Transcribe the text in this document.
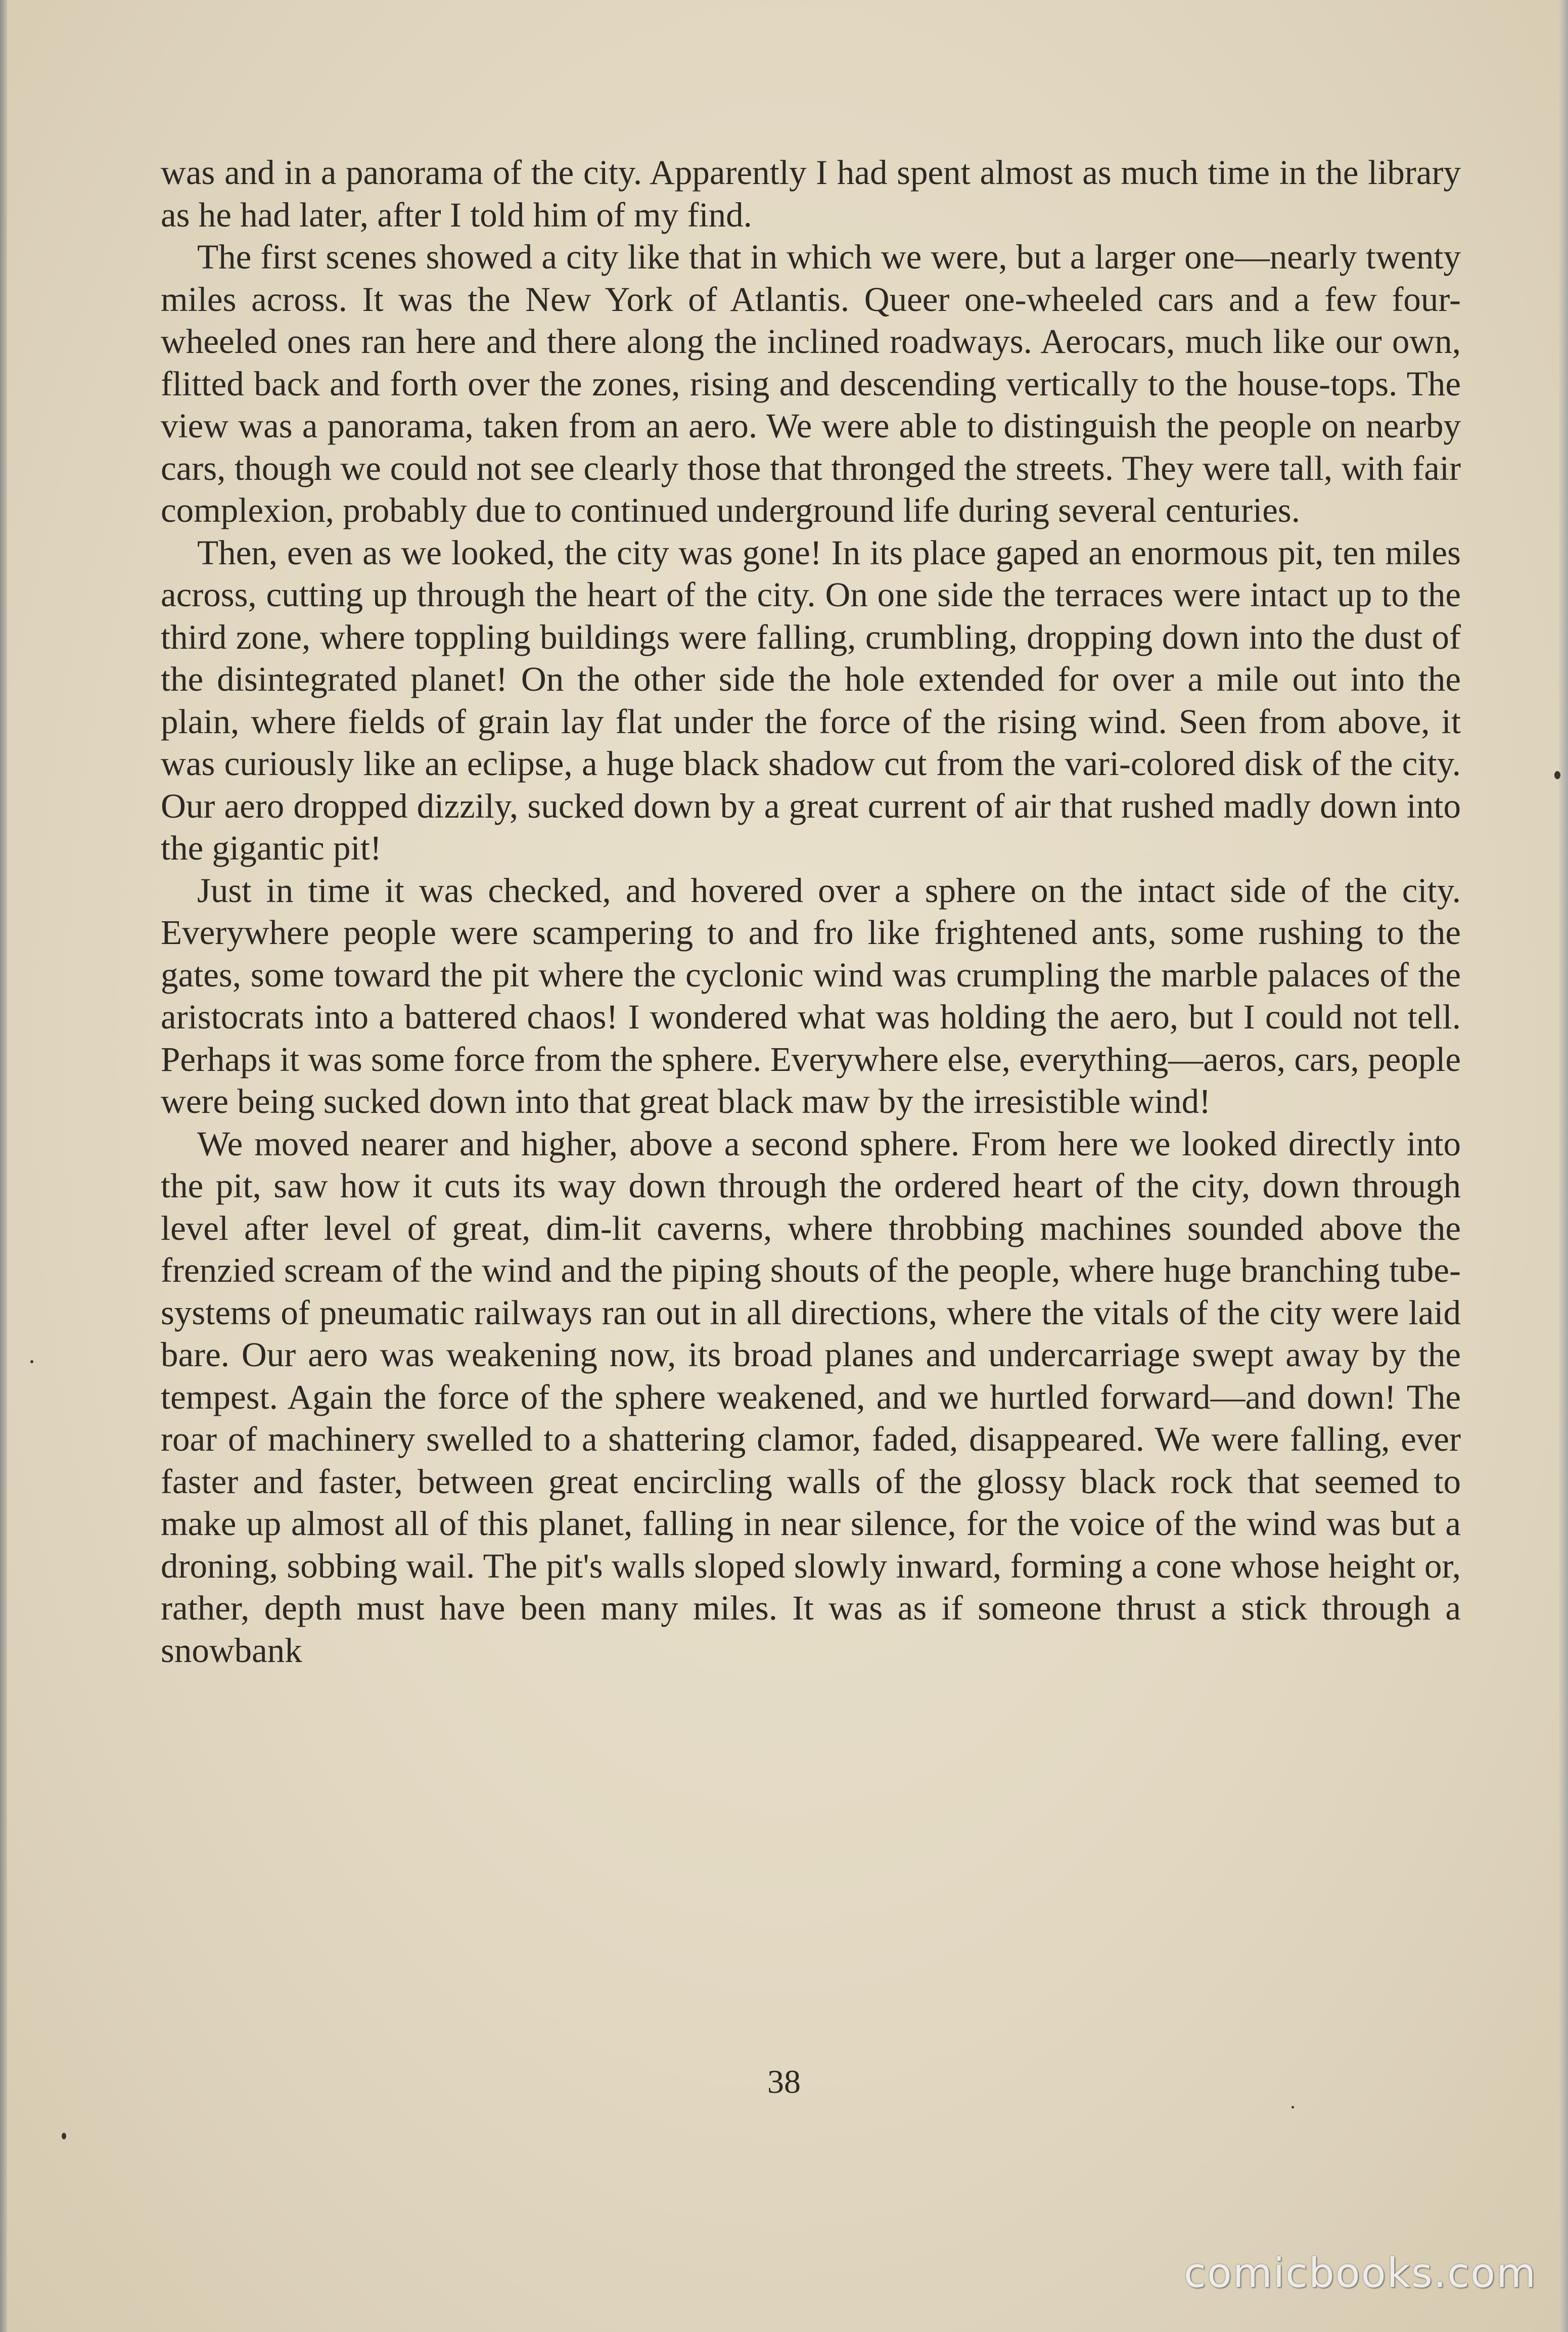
was and in a panorama of the city. Apparently I had spent almost as much time in the library as he had later, after I told him of my find.

The first scenes showed a city like that in which we were, but a larger one—nearly twenty miles across. It was the New York of Atlantis. Queer one-wheeled cars and a few four-wheeled ones ran here and there along the inclined roadways. Aerocars, much like our own, flitted back and forth over the zones, rising and descending vertically to the house-tops. The view was a panorama, taken from an aero. We were able to distinguish the people on nearby cars, though we could not see clearly those that thronged the streets. They were tall, with fair complexion, probably due to continued underground life during several centuries.

Then, even as we looked, the city was gone! In its place gaped an enormous pit, ten miles across, cutting up through the heart of the city. On one side the terraces were intact up to the third zone, where toppling buildings were falling, crumbling, dropping down into the dust of the disintegrated planet! On the other side the hole extended for over a mile out into the plain, where fields of grain lay flat under the force of the rising wind. Seen from above, it was curiously like an eclipse, a huge black shadow cut from the vari-colored disk of the city. Our aero dropped dizzily, sucked down by a great current of air that rushed madly down into the gigantic pit!

Just in time it was checked, and hovered over a sphere on the intact side of the city. Everywhere people were scampering to and fro like frightened ants, some rushing to the gates, some toward the pit where the cyclonic wind was crumpling the marble palaces of the aristocrats into a battered chaos! I wondered what was holding the aero, but I could not tell. Perhaps it was some force from the sphere. Everywhere else, everything—aeros, cars, people were being sucked down into that great black maw by the irresistible wind!

We moved nearer and higher, above a second sphere. From here we looked directly into the pit, saw how it cuts its way down through the ordered heart of the city, down through level after level of great, dim-lit caverns, where throbbing machines sounded above the frenzied scream of the wind and the piping shouts of the people, where huge branching tube-systems of pneumatic railways ran out in all directions, where the vitals of the city were laid bare. Our aero was weakening now, its broad planes and undercarriage swept away by the tempest. Again the force of the sphere weakened, and we hurtled forward—and down! The roar of machinery swelled to a shattering clamor, faded, disappeared. We were falling, ever faster and faster, between great encircling walls of the glossy black rock that seemed to make up almost all of this planet, falling in near silence, for the voice of the wind was but a droning, sobbing wail. The pit's walls sloped slowly inward, forming a cone whose height or, rather, depth must have been many miles. It was as if someone thrust a stick through a snowbank

38
comicbooks.com
